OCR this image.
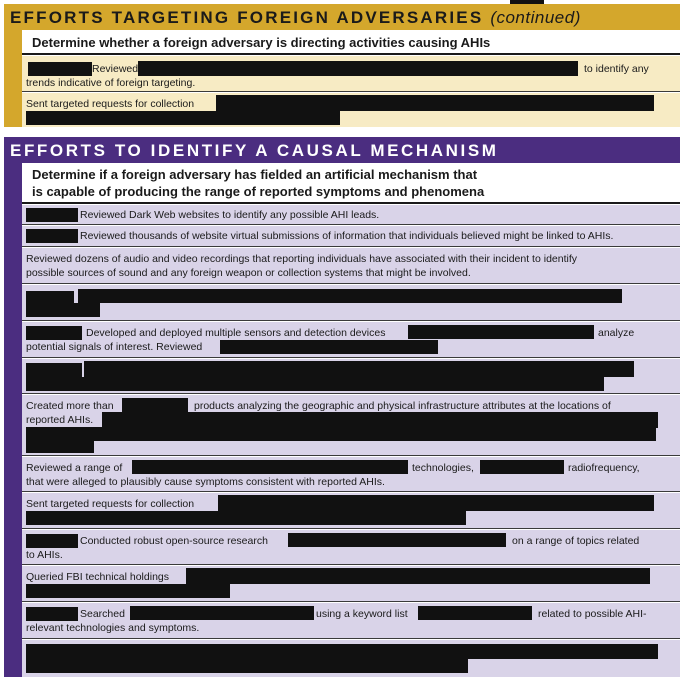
EFFORTS TARGETING FOREIGN ADVERSARIES (continued)
Determine whether a foreign adversary is directing activities causing AHIs
Reviewed	to identify any
trends indicative of foreign targeting.
Sent targeted requests for collection
EFFORTS TO IDENTIFY A CAUSAL MECHANISM
Determine if a foreign adversary has fielded an artificial mechanism that
is capable of producing the range of reported symptoms and phenomena
Reviewed Dark Web websites to identify any possible AHI leads.
Reviewed thousands of website virtual submissions of information that individuals believed might be linked to AHIs.
Reviewed dozens of audio and video recordings that reporting individuals have associated with their incident to identify
possible sources of sound and any foreign weapon or collection systems that might be involved.
Developed and deployed multiple sensors and detection devices	analyze
potential signals of interest. Reviewed
Created more than	products analyzing the geographic and physical infrastructure attributes at the locations of
reported AHIs.
Reviewed a range of	technologies,	radiofrequency,
that were alleged to plausibly cause symptoms consistent with reported AHIs.
Sent targeted requests for collection
Conducted robust open-source research	on a range of topics related
to AHIs.
Queried FBI technical holdings
Searched	using a keyword list	related to possible AHI-
relevant technologies and symptoms.
